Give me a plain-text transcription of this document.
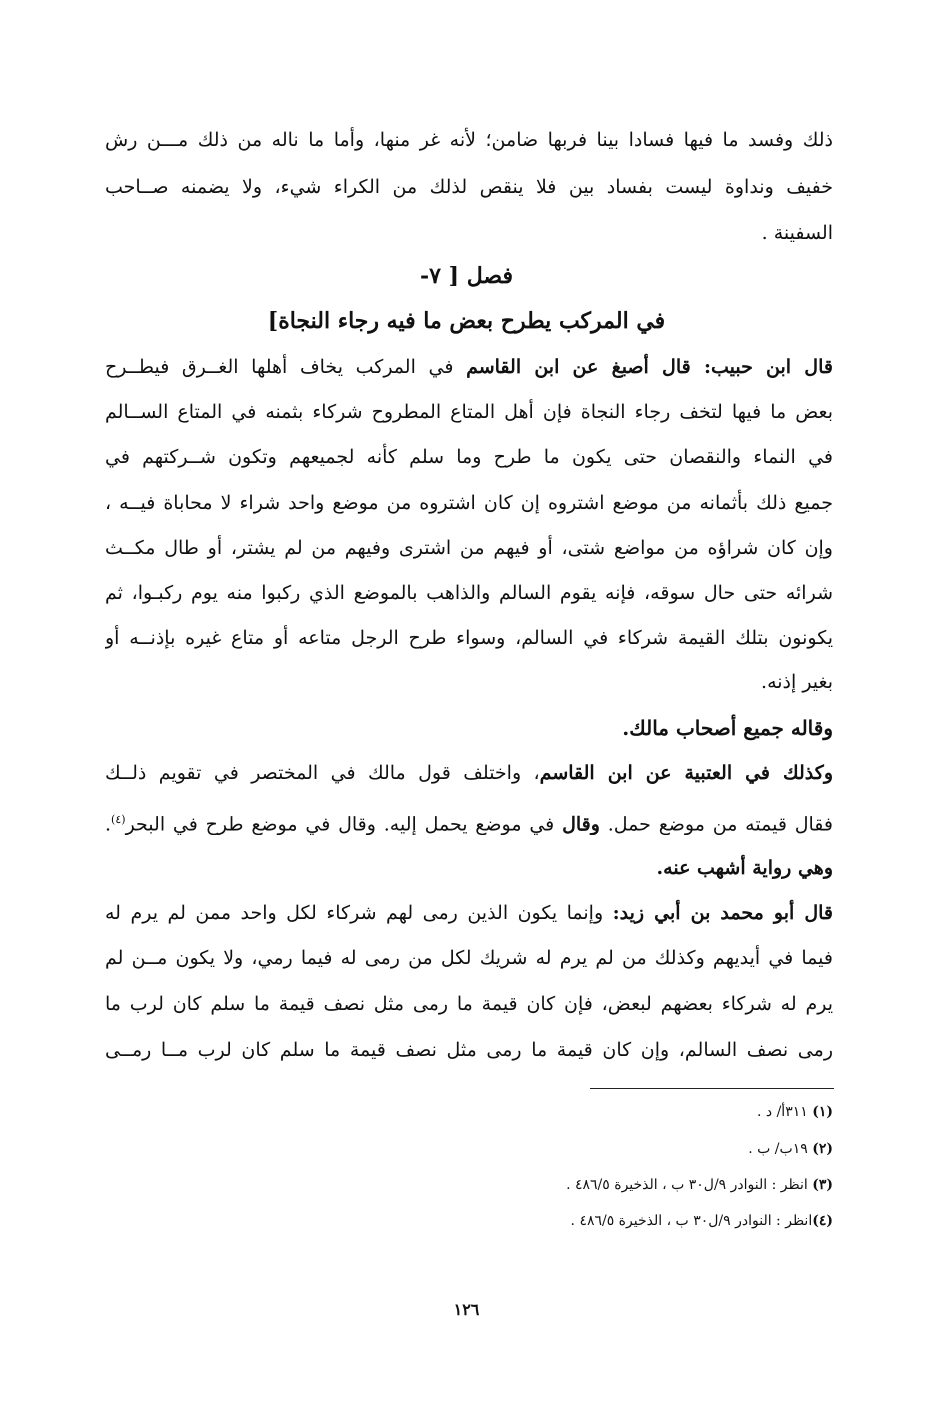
ذلك وفسد ما فيها فسادا بينا فربها ضامن؛ لأنه غر منها، وأما ما ناله من ذلك مـــن رش
خفيف ونداوة ليست بفساد بين فلا ينقص لذلك من الكراء شيء، ولا يضمنه صــاحب
السفينة .
فصل [ ٧-
في المركب يطرح بعض ما فيه رجاء النجاة]
قال ابن حبيب: قال أصبغ عن ابن القاسم في المركب يخاف أهلها الغــرق فيطــرح
بعض ما فيها لتخف رجاء النجاة فإن أهل المتاع المطروح شركاء بثمنه في المتاع الســالم
في النماء والنقصان حتى يكون ما طرح وما سلم كأنه لجميعهم وتكون شــركتهم في
جميع ذلك بأثمانه من موضع اشتروه إن كان اشتروه من موضع واحد شراء لا محاباة فيــه ،
وإن كان شراؤه من مواضع شتى، أو فيهم من اشترى وفيهم من لم يشتر، أو طال مكــث
شرائه حتى حال سوقه، فإنه يقوم السالم والذاهب بالموضع الذي ركبوا منه يوم ركبـوا، ثم
يكونون بتلك القيمة شركاء في السالم، وسواء طرح الرجل متاعه أو متاع غيره بإذنــه أو
بغير إذنه.
وقاله جميع أصحاب مالك.
وكذلك في العتبية عن ابن القاسم، واختلف قول مالك في المختصر في تقويم ذلــك
فقال قيمته من موضع حمل. وقال في موضع يحمل إليه. وقال في موضع طرح في البحر$^{(٤)}$.
وهي رواية أشهب عنه.
قال أبو محمد بن أبي زيد: وإنما يكون الذين رمى لهم شركاء لكل واحد ممن لم يرم له
فيما في أيديهم وكذلك من لم يرم له شريك لكل من رمى له فيما رمي، ولا يكون مــن لم
يرم له شركاء بعضهم لبعض، فإن كان قيمة ما رمى مثل نصف قيمة ما سلم كان لرب ما
رمى نصف السالم، وإن كان قيمة ما رمى مثل نصف قيمة ما سلم كان لرب مــا رمــى
(١) ٣١١أ/ د .
(٢) ١٩ب/ ب .
(٣) انظر : النوادر ٩/ل٣٠ ب ، الذخيرة ٤٨٦/٥ .
(٤)انظر : النوادر ٩/ل٣٠ ب ، الذخيرة ٤٨٦/٥ .
١٢٦
